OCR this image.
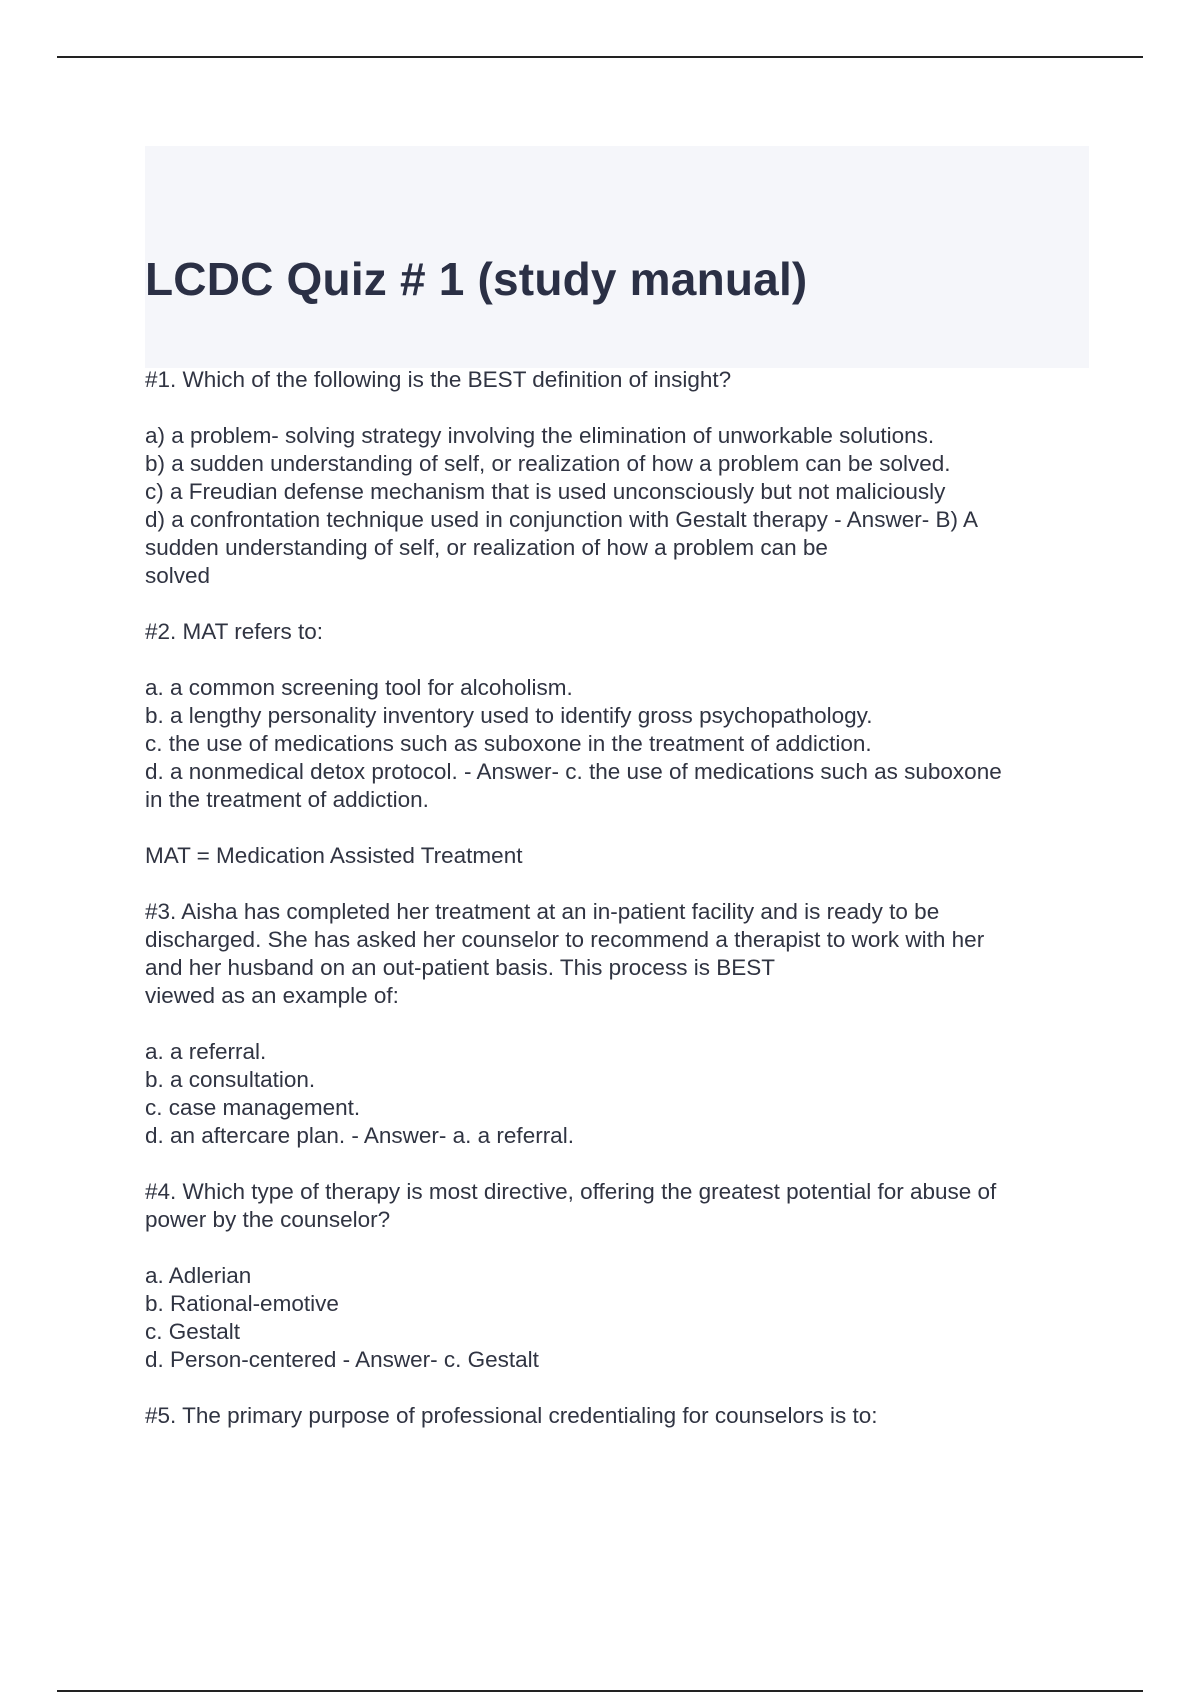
LCDC Quiz # 1 (study manual)

#1. Which of the following is the BEST definition of insight?

a) a problem- solving strategy involving the elimination of unworkable solutions.
b) a sudden understanding of self, or realization of how a problem can be solved.
c) a Freudian defense mechanism that is used unconsciously but not maliciously
d) a confrontation technique used in conjunction with Gestalt therapy - Answer- B) A
sudden understanding of self, or realization of how a problem can be
solved

#2. MAT refers to:

a. a common screening tool for alcoholism.
b. a lengthy personality inventory used to identify gross psychopathology.
c. the use of medications such as suboxone in the treatment of addiction.
d. a nonmedical detox protocol. - Answer- c. the use of medications such as suboxone
in the treatment of addiction.

MAT = Medication Assisted Treatment

#3. Aisha has completed her treatment at an in-patient facility and is ready to be
discharged. She has asked her counselor to recommend a therapist to work with her
and her husband on an out-patient basis. This process is BEST
viewed as an example of:

a. a referral.
b. a consultation.
c. case management.
d. an aftercare plan. - Answer- a. a referral.

#4. Which type of therapy is most directive, offering the greatest potential for abuse of
power by the counselor?

a. Adlerian
b. Rational-emotive
c. Gestalt
d. Person-centered - Answer- c. Gestalt

#5. The primary purpose of professional credentialing for counselors is to:
